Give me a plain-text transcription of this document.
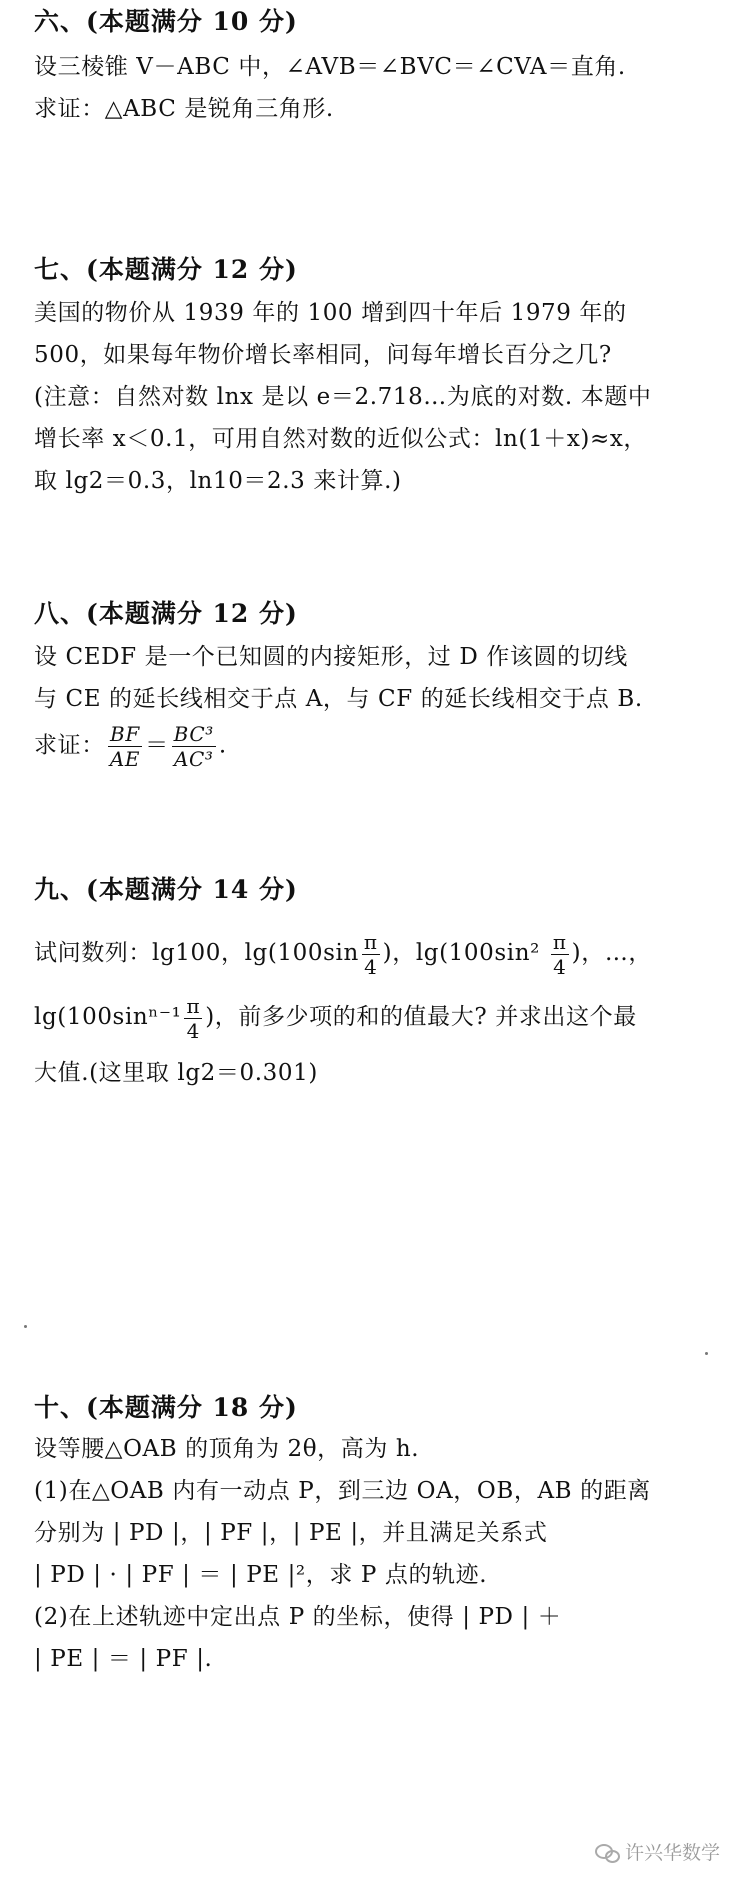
六、(本题满分 10 分)
设三棱锥 V－ABC 中，∠AVB＝∠BVC＝∠CVA＝直角.
求证：△ABC 是锐角三角形.
七、(本题满分 12 分)
美国的物价从 1939 年的 100 增到四十年后 1979 年的
500，如果每年物价增长率相同，问每年增长百分之几?
(注意：自然对数 lnx 是以 e＝2.718…为底的对数. 本题中
增长率 x＜0.1，可用自然对数的近似公式：ln(1＋x)≈x，
取 lg2＝0.3，ln10＝2.3 来计算.)
八、(本题满分 12 分)
设 CEDF 是一个已知圆的内接矩形，过 D 作该圆的切线
与 CE 的延长线相交于点 A，与 CF 的延长线相交于点 B.
求证： $\frac{BF}{AE} = \frac{\text{BC³}}{\text{AC³}}$ .
九、(本题满分 14 分)
试问数列：lg100，$\lg(100\sin \frac{\pi}{4}$ )，$\lg(100\sin^2 \frac{\pi}{4}$ )，…，
$\lg(100\sin^{n-1} \frac{\pi}{4}$ )，前多少项的和的值最大? 并求出这个最
大值.(这里取 lg2＝0.301)
十、(本题满分 18 分)
设等腰△OAB 的顶角为 2θ，高为 h.
(1)在△OAB 内有一动点 P，到三边 OA，OB，AB 的距离
分别为 | PD |，| PF |，| PE |，并且满足关系式
| PD | · | PF | ＝ | PE |²，求 P 点的轨迹.
(2)在上述轨迹中定出点 P 的坐标，使得 | PD | ＋
| PE | ＝ | PF |.
许兴华数学
